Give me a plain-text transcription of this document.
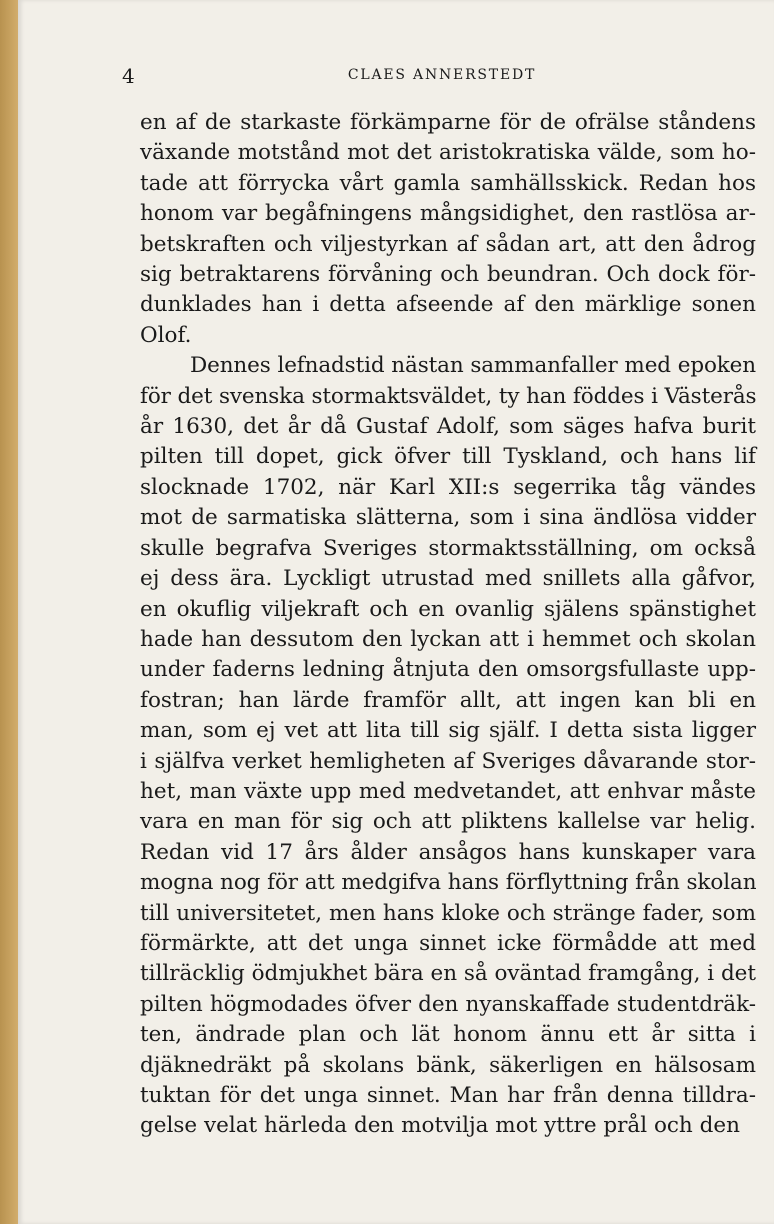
4	CLAES ANNERSTEDT
en af de starkaste förkämparne för de ofrälse ståndens
växande motstånd mot det aristokratiska välde, som ho-
tade att förrycka vårt gamla samhällsskick. Redan hos
honom var begåfningens mångsidighet, den rastlösa ar-
betskraften och viljestyrkan af sådan art, att den ådrog
sig betraktarens förvåning och beundran. Och dock för-
dunklades han i detta afseende af den märklige sonen
Olof.
Dennes lefnadstid nästan sammanfaller med epoken
för det svenska stormaktsväldet, ty han föddes i Västerås
år 1630, det år då Gustaf Adolf, som säges hafva burit
pilten till dopet, gick öfver till Tyskland, och hans lif
slocknade 1702, när Karl XII:s segerrika tåg vändes
mot de sarmatiska slätterna, som i sina ändlösa vidder
skulle begrafva Sveriges stormaktsställning, om också
ej dess ära. Lyckligt utrustad med snillets alla gåfvor,
en okuflig viljekraft och en ovanlig själens spänstighet
hade han dessutom den lyckan att i hemmet och skolan
under faderns ledning åtnjuta den omsorgsfullaste upp-
fostran; han lärde framför allt, att ingen kan bli en
man, som ej vet att lita till sig själf. I detta sista ligger
i själfva verket hemligheten af Sveriges dåvarande stor-
het, man växte upp med medvetandet, att enhvar måste
vara en man för sig och att pliktens kallelse var helig.
Redan vid 17 års ålder ansågos hans kunskaper vara
mogna nog för att medgifva hans förflyttning från skolan
till universitetet, men hans kloke och stränge fader, som
förmärkte, att det unga sinnet icke förmådde att med
tillräcklig ödmjukhet bära en så oväntad framgång, i det
pilten högmodades öfver den nyanskaffade studentdräk-
ten, ändrade plan och lät honom ännu ett år sitta i
djäknedräkt på skolans bänk, säkerligen en hälsosam
tuktan för det unga sinnet. Man har från denna tilldra-
gelse velat härleda den motvilja mot yttre prål och den
